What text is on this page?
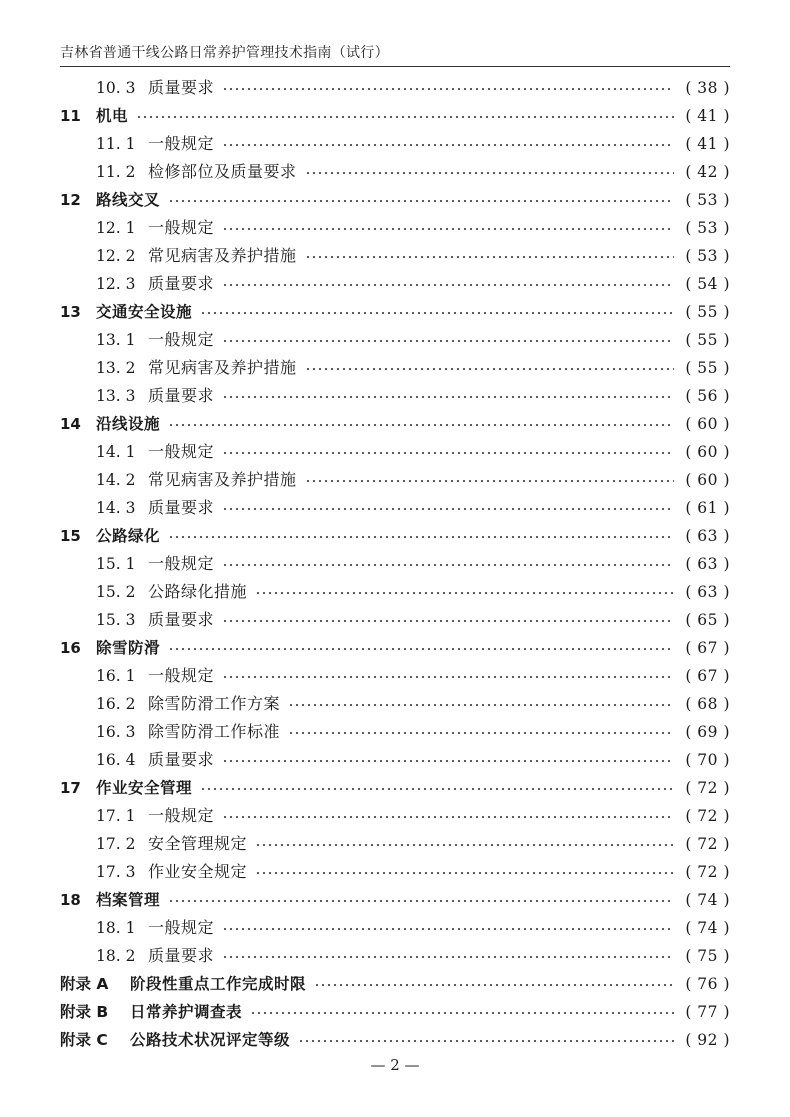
吉林省普通干线公路日常养护管理技术指南（试行）
10. 3 质量要求	( 38 )
11 机电	( 41 )
11. 1 一般规定	( 41 )
11. 2 检修部位及质量要求	( 42 )
12 路线交叉	( 53 )
12. 1 一般规定	( 53 )
12. 2 常见病害及养护措施	( 53 )
12. 3 质量要求	( 54 )
13 交通安全设施	( 55 )
13. 1 一般规定	( 55 )
13. 2 常见病害及养护措施	( 55 )
13. 3 质量要求	( 56 )
14 沿线设施	( 60 )
14. 1 一般规定	( 60 )
14. 2 常见病害及养护措施	( 60 )
14. 3 质量要求	( 61 )
15 公路绿化	( 63 )
15. 1 一般规定	( 63 )
15. 2 公路绿化措施	( 63 )
15. 3 质量要求	( 65 )
16 除雪防滑	( 67 )
16. 1 一般规定	( 67 )
16. 2 除雪防滑工作方案	( 68 )
16. 3 除雪防滑工作标准	( 69 )
16. 4 质量要求	( 70 )
17 作业安全管理	( 72 )
17. 1 一般规定	( 72 )
17. 2 安全管理规定	( 72 )
17. 3 作业安全规定	( 72 )
18 档案管理	( 74 )
18. 1 一般规定	( 74 )
18. 2 质量要求	( 75 )
附录 A	阶段性重点工作完成时限	( 76 )
附录 B	日常养护调查表	( 77 )
附录 C	公路技术状况评定等级	( 92 )
— 2 —
